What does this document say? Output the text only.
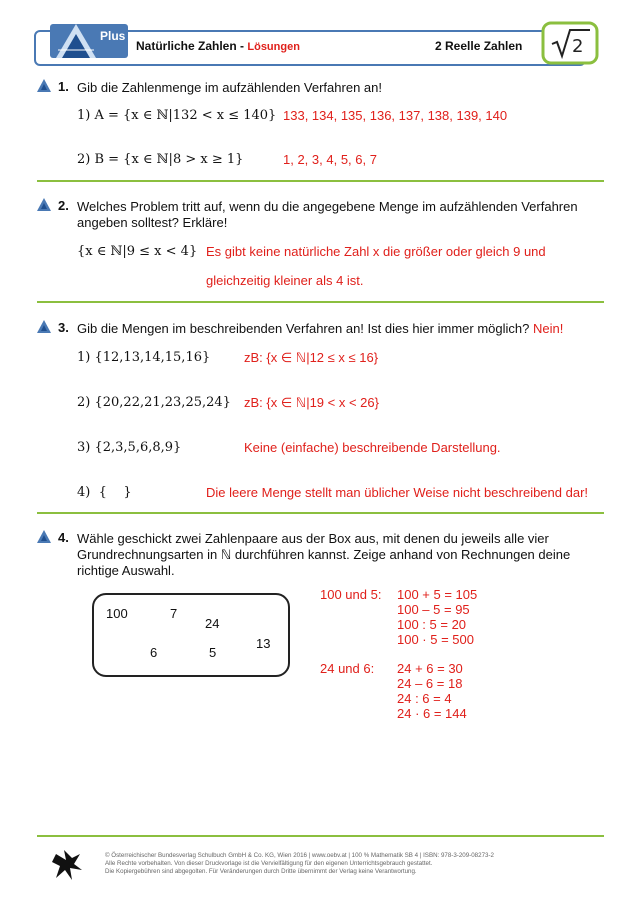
Plus
Natürliche Zahlen - Lösungen	2 Reelle Zahlen	2
1. Gib die Zahlenmenge im aufzählenden Verfahren an!
1) A = {x ∈ ℕ|132 < x ≤ 140} 133, 134, 135, 136, 137, 138, 139, 140
2) B = {x ∈ ℕ|8 > x ≥ 1}	1, 2, 3, 4, 5, 6, 7
2. Welches Problem tritt auf, wenn du die angegebene Menge im aufzählenden Verfahren
angeben solltest? Erkläre!
{x ∈ ℕ|9 ≤ x < 4} Es gibt keine natürliche Zahl x die größer oder gleich 9 und
gleichzeitig kleiner als 4 ist.
3. Gib die Mengen im beschreibenden Verfahren an! Ist dies hier immer möglich? Nein!
1) {12,13,14,15,16}	zB: {x ∈ ℕ|12 ≤ x ≤ 16}
2) {20,22,21,23,25,24} zB: {x ∈ ℕ|19 < x < 26}
3) {2,3,5,6,8,9}	Keine (einfache) beschreibende Darstellung.
4)  {    }	Die leere Menge stellt man üblicher Weise nicht beschreibend dar!
4. Wähle geschickt zwei Zahlenpaare aus der Box aus, mit denen du jeweils alle vier
Grundrechnungsarten in ℕ durchführen kannst. Zeige anhand von Rechnungen deine
richtige Auswahl.
100	7
24
13
6	5
100 und 5: 100 + 5 = 105
100 – 5 = 95
100 : 5 = 20
100 · 5 = 500
24 und 6: 24 + 6 = 30
24 – 6 = 18
24 : 6 = 4
24 · 6 = 144
© Österreichischer Bundesverlag Schulbuch GmbH & Co. KG, Wien 2016 | www.oebv.at | 100 % Mathematik SB 4 | ISBN: 978-3-209-08273-2
Alle Rechte vorbehalten. Von dieser Druckvorlage ist die Vervielfältigung für den eigenen Unterrichtsgebrauch gestattet.
Die Kopiergebühren sind abgegolten. Für Veränderungen durch Dritte übernimmt der Verlag keine Verantwortung.
